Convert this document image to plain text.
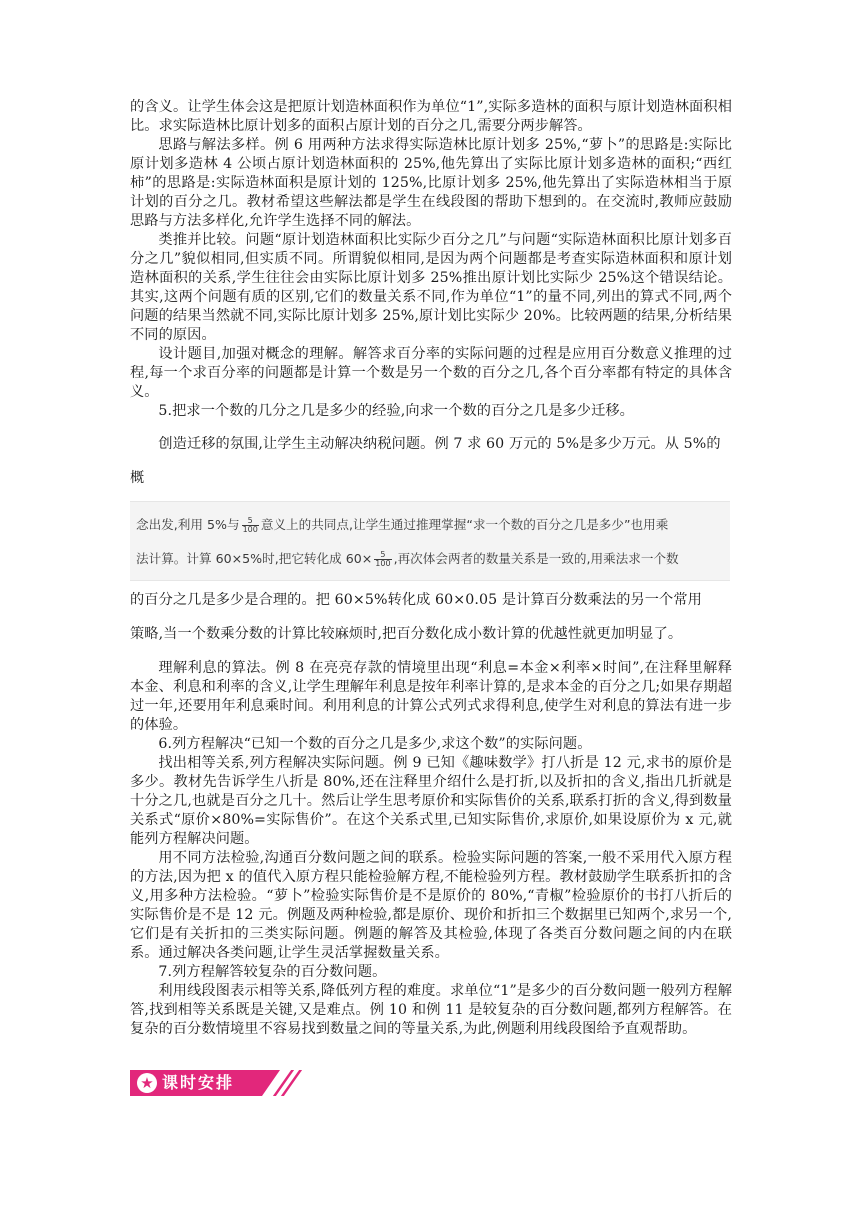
的含义。让学生体会这是把原计划造林面积作为单位“1”,实际多造林的面积与原计划造林面积相比。求实际造林比原计划多的面积占原计划的百分之几,需要分两步解答。

思路与解法多样。例 6 用两种方法求得实际造林比原计划多 25%,“萝卜”的思路是:实际比原计划多造林 4 公顷占原计划造林面积的 25%,他先算出了实际比原计划多造林的面积;“西红柿”的思路是:实际造林面积是原计划的 125%,比原计划多 25%,他先算出了实际造林相当于原计划的百分之几。教材希望这些解法都是学生在线段图的帮助下想到的。在交流时,教师应鼓励思路与方法多样化,允许学生选择不同的解法。

类推并比较。问题“原计划造林面积比实际少百分之几”与问题“实际造林面积比原计划多百分之几”貌似相同,但实质不同。所谓貌似相同,是因为两个问题都是考查实际造林面积和原计划造林面积的关系,学生往往会由实际比原计划多 25%推出原计划比实际少 25%这个错误结论。其实,这两个问题有质的区别,它们的数量关系不同,作为单位“1”的量不同,列出的算式不同,两个问题的结果当然就不同,实际比原计划多 25%,原计划比实际少 20%。比较两题的结果,分析结果不同的原因。

设计题目,加强对概念的理解。解答求百分率的实际问题的过程是应用百分数意义推理的过程,每一个求百分率的问题都是计算一个数是另一个数的百分之几,各个百分率都有特定的具体含义。

5.把求一个数的几分之几是多少的经验,向求一个数的百分之几是多少迁移。

创造迁移的氛围,让学生主动解决纳税问题。例 7 求 60 万元的 5%是多少万元。从 5%的

概

念出发,利用 5%与 $\frac{5}{100}$ 意义上的共同点,让学生通过推理掌握“求一个数的百分之几是多少”也用乘
法计算。计算 60×5%时,把它转化成 $60\times \frac{5}{100}$ ,再次体会两者的数量关系是一致的,用乘法求一个数

的百分之几是多少是合理的。把 60×5%转化成 60×0.05 是计算百分数乘法的另一个常用

策略,当一个数乘分数的计算比较麻烦时,把百分数化成小数计算的优越性就更加明显了。

理解利息的算法。例 8 在亮亮存款的情境里出现“利息=本金×利率×时间”,在注释里解释本金、利息和利率的含义,让学生理解年利息是按年利率计算的,是求本金的百分之几;如果存期超过一年,还要用年利息乘时间。利用利息的计算公式列式求得利息,使学生对利息的算法有进一步的体验。

6.列方程解决“已知一个数的百分之几是多少,求这个数”的实际问题。

找出相等关系,列方程解决实际问题。例 9 已知《趣味数学》打八折是 12 元,求书的原价是多少。教材先告诉学生八折是 80%,还在注释里介绍什么是打折,以及折扣的含义,指出几折就是十分之几,也就是百分之几十。然后让学生思考原价和实际售价的关系,联系打折的含义,得到数量关系式“原价×80%=实际售价”。在这个关系式里,已知实际售价,求原价,如果设原价为 x 元,就能列方程解决问题。

用不同方法检验,沟通百分数问题之间的联系。检验实际问题的答案,一般不采用代入原方程的方法,因为把 x 的值代入原方程只能检验解方程,不能检验列方程。教材鼓励学生联系折扣的含义,用多种方法检验。“萝卜”检验实际售价是不是原价的 80%,“青椒”检验原价的书打八折后的实际售价是不是 12 元。例题及两种检验,都是原价、现价和折扣三个数据里已知两个,求另一个,它们是有关折扣的三类实际问题。例题的解答及其检验,体现了各类百分数问题之间的内在联系。通过解决各类问题,让学生灵活掌握数量关系。

7.列方程解答较复杂的百分数问题。

利用线段图表示相等关系,降低列方程的难度。求单位“1”是多少的百分数问题一般列方程解答,找到相等关系既是关键,又是难点。例 10 和例 11 是较复杂的百分数问题,都列方程解答。在复杂的百分数情境里不容易找到数量之间的等量关系,为此,例题利用线段图给予直观帮助。

★ 课时安排
